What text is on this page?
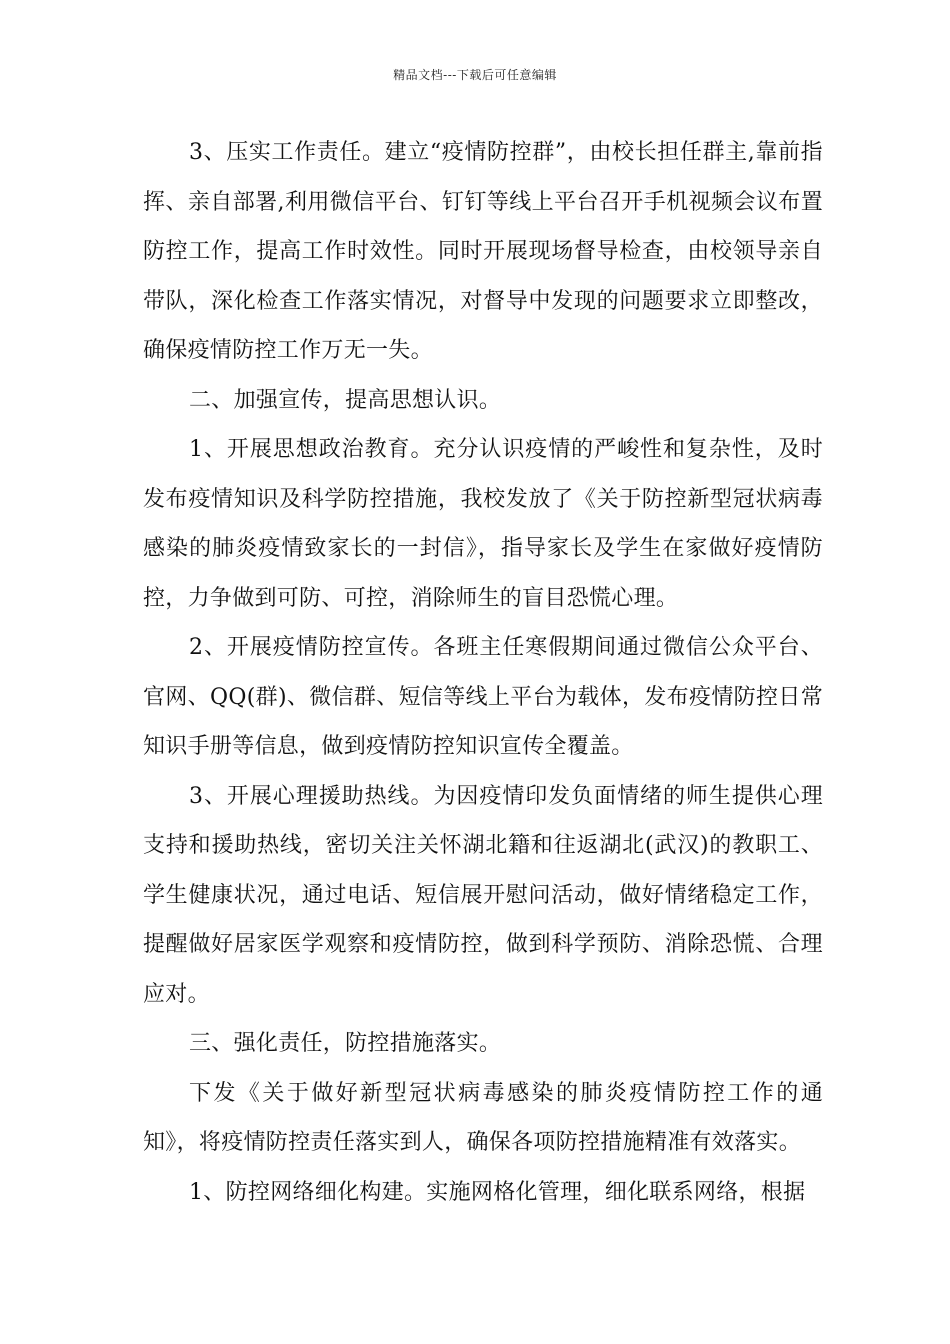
精品文档---下载后可任意编辑

3、压实工作责任。建立“疫情防控群”，由校长担任群主,靠前指挥、亲自部署,利用微信平台、钉钉等线上平台召开手机视频会议布置防控工作，提高工作时效性。同时开展现场督导检查，由校领导亲自带队，深化检查工作落实情况，对督导中发现的问题要求立即整改，确保疫情防控工作万无一失。

二、加强宣传，提高思想认识。

1、开展思想政治教育。充分认识疫情的严峻性和复杂性，及时发布疫情知识及科学防控措施，我校发放了《关于防控新型冠状病毒感染的肺炎疫情致家长的一封信》，指导家长及学生在家做好疫情防控，力争做到可防、可控，消除师生的盲目恐慌心理。

2、开展疫情防控宣传。各班主任寒假期间通过微信公众平台、官网、QQ(群)、微信群、短信等线上平台为载体，发布疫情防控日常知识手册等信息，做到疫情防控知识宣传全覆盖。

3、开展心理援助热线。为因疫情印发负面情绪的师生提供心理支持和援助热线，密切关注关怀湖北籍和往返湖北(武汉)的教职工、学生健康状况，通过电话、短信展开慰问活动，做好情绪稳定工作，提醒做好居家医学观察和疫情防控，做到科学预防、消除恐慌、合理应对。

三、强化责任，防控措施落实。

下发《关于做好新型冠状病毒感染的肺炎疫情防控工作的通知》，将疫情防控责任落实到人，确保各项防控措施精准有效落实。

1、防控网络细化构建。实施网格化管理，细化联系网络，根据
